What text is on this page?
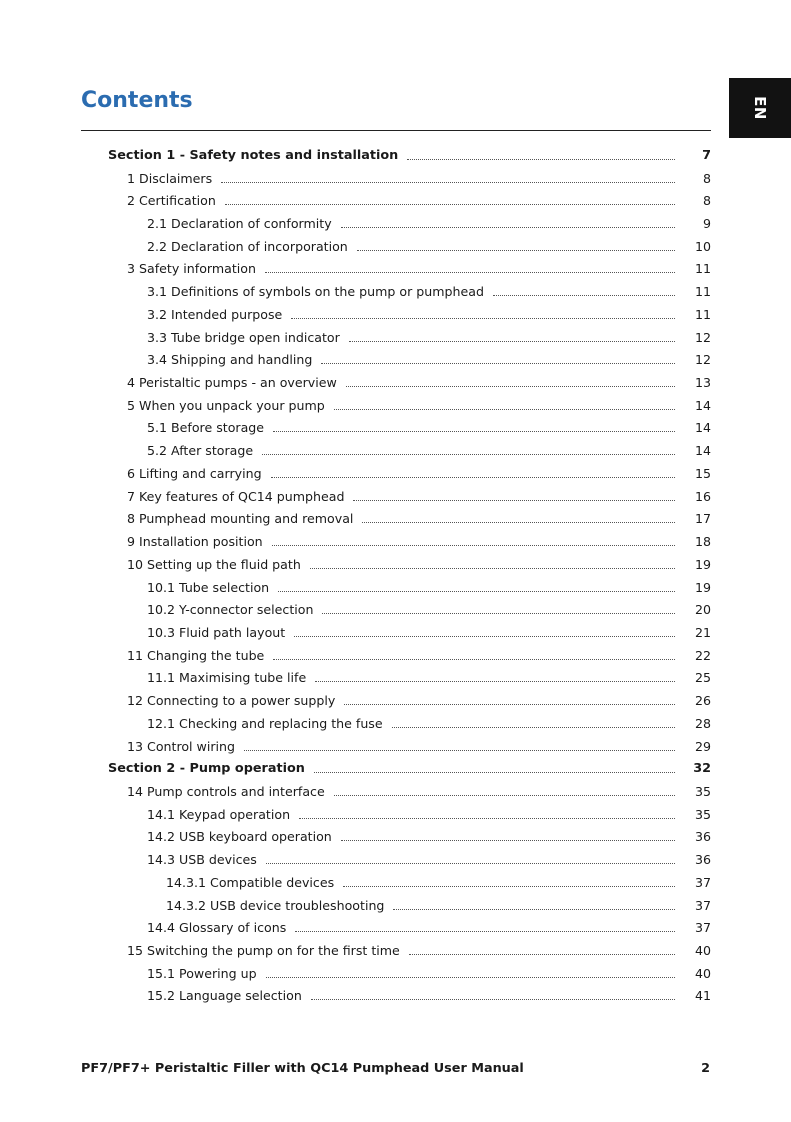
EN
Contents
Section 1 - Safety notes and installation	7
1 Disclaimers	8
2 Certification	8
2.1 Declaration of conformity	9
2.2 Declaration of incorporation	10
3 Safety information	11
3.1 Definitions of symbols on the pump or pumphead	11
3.2 Intended purpose	11
3.3 Tube bridge open indicator	12
3.4 Shipping and handling	12
4 Peristaltic pumps - an overview	13
5 When you unpack your pump	14
5.1 Before storage	14
5.2 After storage	14
6 Lifting and carrying	15
7 Key features of QC14 pumphead	16
8 Pumphead mounting and removal	17
9 Installation position	18
10 Setting up the fluid path	19
10.1 Tube selection	19
10.2 Y-connector selection	20
10.3 Fluid path layout	21
11 Changing the tube	22
11.1 Maximising tube life	25
12 Connecting to a power supply	26
12.1 Checking and replacing the fuse	28
13 Control wiring	29
Section 2 - Pump operation	32
14 Pump controls and interface	35
14.1 Keypad operation	35
14.2 USB keyboard operation	36
14.3 USB devices	36
14.3.1 Compatible devices	37
14.3.2 USB device troubleshooting	37
14.4 Glossary of icons	37
15 Switching the pump on for the first time	40
15.1 Powering up	40
15.2 Language selection	41
PF7/PF7+ Peristaltic Filler with QC14 Pumphead User Manual	2
